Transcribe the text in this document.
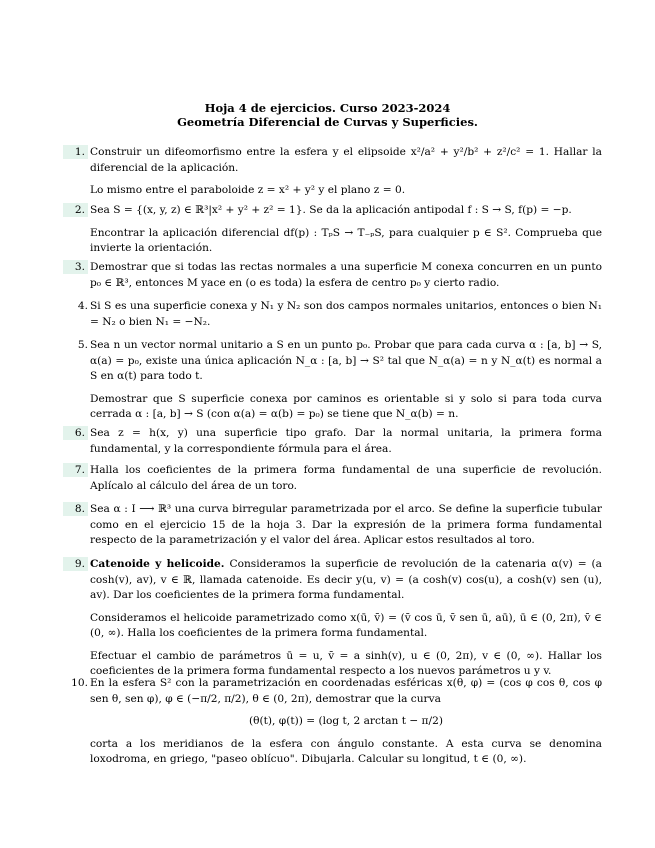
Hoja 4 de ejercicios. Curso 2023-2024
Geometría Diferencial de Curvas y Superficies.
1. Construir un difeomorfismo entre la esfera y el elipsoide x²/a² + y²/b² + z²/c² = 1. Hallar la diferencial de la aplicación.

Lo mismo entre el paraboloide z = x² + y² y el plano z = 0.

2. Sea S = {(x, y, z) ∈ ℝ³|x² + y² + z² = 1}. Se da la aplicación antipodal f : S → S, f(p) = −p.

Encontrar la aplicación diferencial df(p) : TₚS → T₋ₚS, para cualquier p ∈ S². Comprueba que invierte la orientación.

3. Demostrar que si todas las rectas normales a una superficie M conexa concurren en un punto p₀ ∈ ℝ³, entonces M yace en (o es toda) la esfera de centro p₀ y cierto radio.

4. Si S es una superficie conexa y N₁ y N₂ son dos campos normales unitarios, entonces o bien N₁ = N₂ o bien N₁ = −N₂.

5. Sea n un vector normal unitario a S en un punto p₀. Probar que para cada curva α : [a, b] → S, α(a) = p₀, existe una única aplicación N_α : [a, b] → S² tal que N_α(a) = n y N_α(t) es normal a S en α(t) para todo t.

Demostrar que S superficie conexa por caminos es orientable si y solo si para toda curva cerrada α : [a, b] → S (con α(a) = α(b) = p₀) se tiene que N_α(b) = n.

6. Sea z = h(x, y) una superficie tipo grafo. Dar la normal unitaria, la primera forma fundamental, y la correspondiente fórmula para el área.

7. Halla los coeficientes de la primera forma fundamental de una superficie de revolución. Aplícalo al cálculo del área de un toro.

8. Sea α : I ⟶ ℝ³ una curva birregular parametrizada por el arco. Se define la superficie tubular como en el ejercicio 15 de la hoja 3. Dar la expresión de la primera forma fundamental respecto de la parametrización y el valor del área. Aplicar estos resultados al toro.

9. Catenoide y helicoide. Consideramos la superficie de revolución de la catenaria α(v) = (a cosh(v), av), v ∈ ℝ, llamada catenoide. Es decir y(u, v) = (a cosh(v) cos(u), a cosh(v) sen (u), av). Dar los coeficientes de la primera forma fundamental.

Consideramos el helicoide parametrizado como x(ū, v̄) = (v̄ cos ū, v̄ sen ū, aū), ū ∈ (0, 2π), v̄ ∈ (0, ∞). Halla los coeficientes de la primera forma fundamental.

Efectuar el cambio de parámetros ū = u, v̄ = a sinh(v), u ∈ (0, 2π), v ∈ (0, ∞). Hallar los coeficientes de la primera forma fundamental respecto a los nuevos parámetros u y v.

10. En la esfera S² con la parametrización en coordenadas esféricas x(θ, φ) = (cos φ cos θ, cos φ sen θ, sen φ), φ ∈ (−π/2, π/2), θ ∈ (0, 2π), demostrar que la curva

(θ(t), φ(t)) = (log t, 2 arctan t − π/2)

corta a los meridianos de la esfera con ángulo constante. A esta curva se denomina loxodroma, en griego, "paseo oblícuo". Dibujarla. Calcular su longitud, t ∈ (0, ∞).
